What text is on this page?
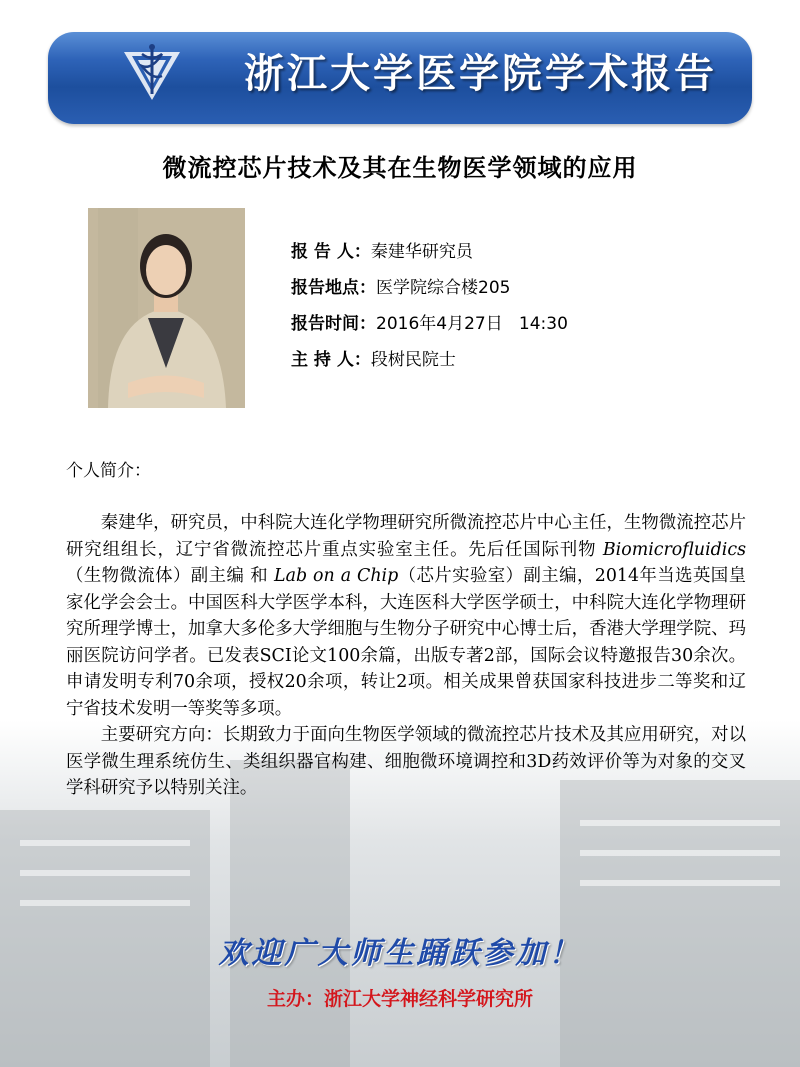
浙江大学医学院学术报告
微流控芯片技术及其在生物医学领域的应用
报 告 人：秦建华研究员
报告地点：医学院综合楼205
报告时间：2016年4月27日   14:30
主 持 人：段树民院士
个人简介：

秦建华，研究员，中科院大连化学物理研究所微流控芯片中心主任，生物微流控芯片研究组组长，辽宁省微流控芯片重点实验室主任。先后任国际刊物 Biomicrofluidics（生物微流体）副主编 和 Lab on a Chip（芯片实验室）副主编，2014年当选英国皇家化学会会士。中国医科大学医学本科，大连医科大学医学硕士，中科院大连化学物理研究所理学博士，加拿大多伦多大学细胞与生物分子研究中心博士后，香港大学理学院、玛丽医院访问学者。已发表SCI论文100余篇，出版专著2部，国际会议特邀报告30余次。申请发明专利70余项，授权20余项，转让2项。相关成果曾获国家科技进步二等奖和辽宁省技术发明一等奖等多项。

主要研究方向：长期致力于面向生物医学领域的微流控芯片技术及其应用研究，对以医学微生理系统仿生、类组织器官构建、细胞微环境调控和3D药效评价等为对象的交叉学科研究予以特别关注。

欢迎广大师生踊跃参加！
主办：浙江大学神经科学研究所
